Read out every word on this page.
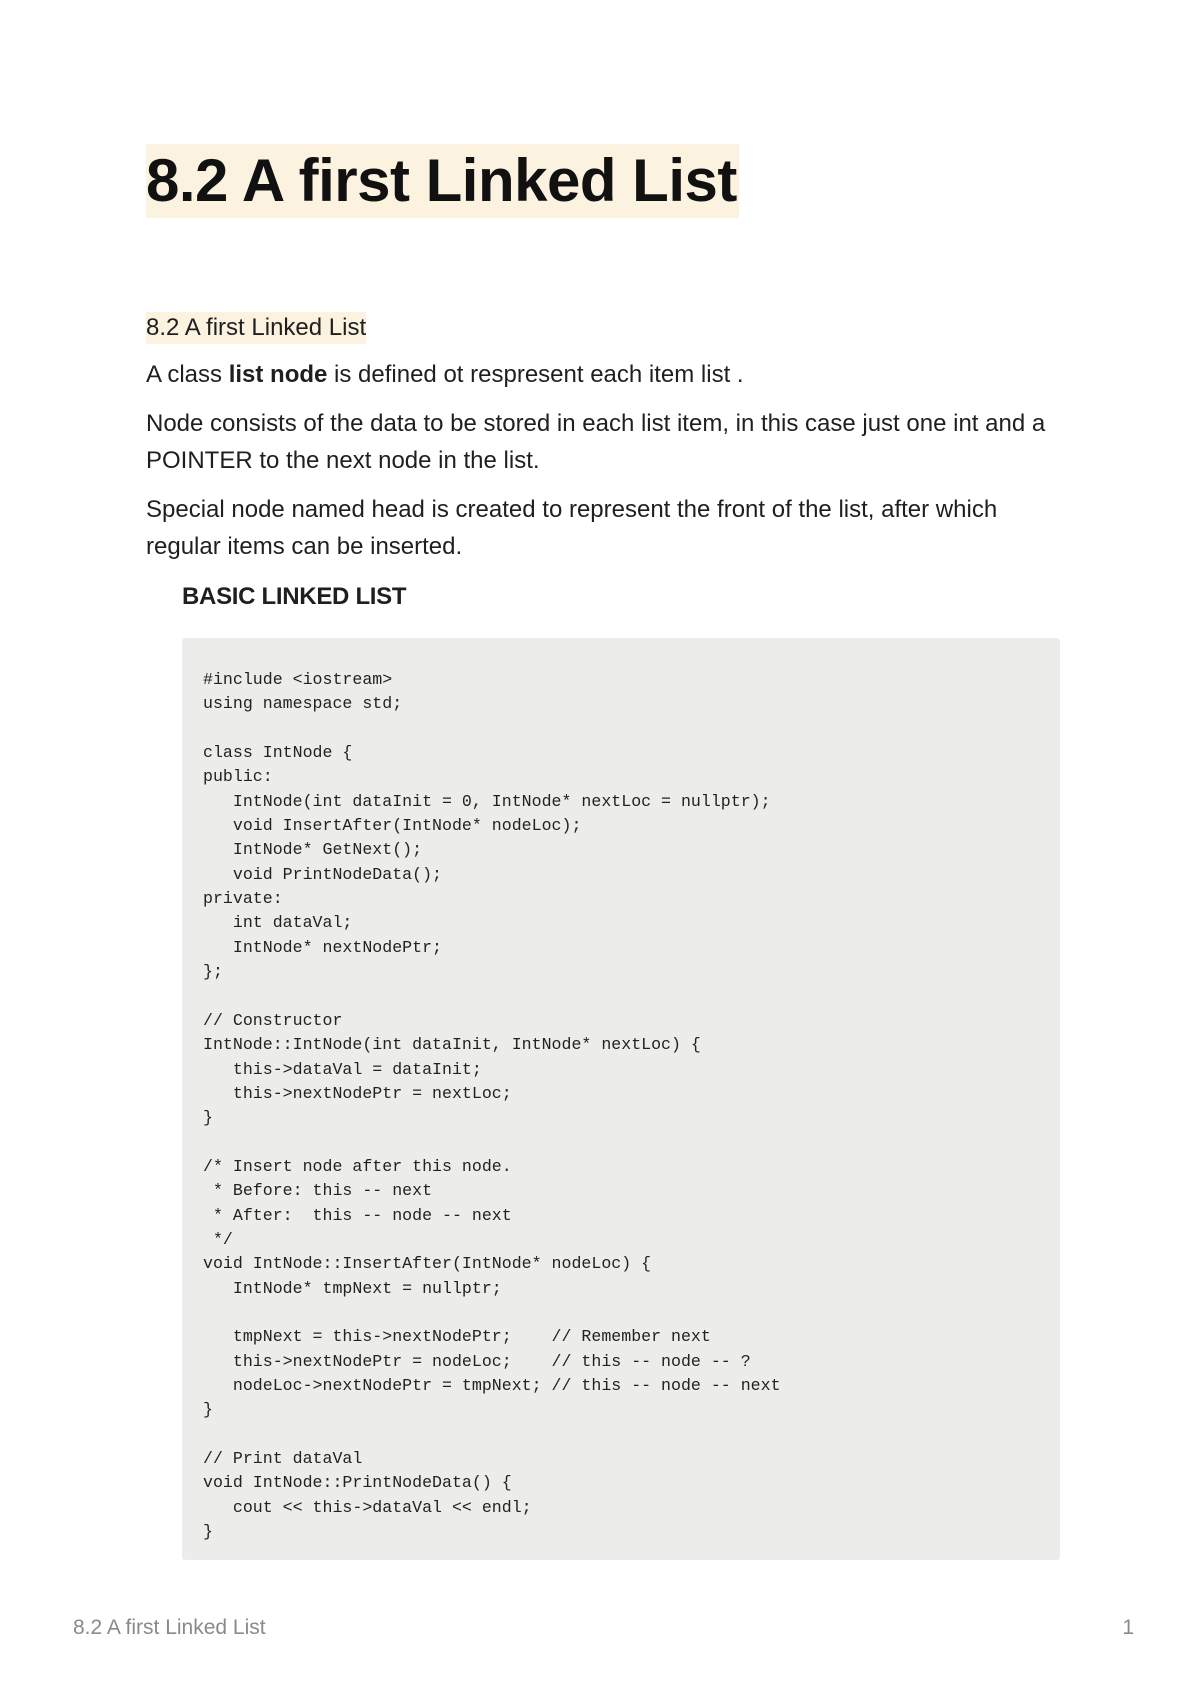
8.2 A first Linked List
8.2 A first Linked List

A class list node is defined ot respresent each item list .

Node consists of the data to be stored in each list item, in this case just one int and a POINTER to the next node in the list.

Special node named head is created to represent the front of the list, after which regular items can be inserted.

BASIC LINKED LIST
#include <iostream>
using namespace std;

class IntNode {
public:
IntNode(int dataInit = 0, IntNode* nextLoc = nullptr);
void InsertAfter(IntNode* nodeLoc);
IntNode* GetNext();
void PrintNodeData();
private:
int dataVal;
IntNode* nextNodePtr;
};

// Constructor
IntNode::IntNode(int dataInit, IntNode* nextLoc) {
this->dataVal = dataInit;
this->nextNodePtr = nextLoc;
}

/* Insert node after this node.
* Before: this -- next
* After:  this -- node -- next
*/
void IntNode::InsertAfter(IntNode* nodeLoc) {
IntNode* tmpNext = nullptr;

tmpNext = this->nextNodePtr;    // Remember next
this->nextNodePtr = nodeLoc;    // this -- node -- ?
nodeLoc->nextNodePtr = tmpNext; // this -- node -- next
}

// Print dataVal
void IntNode::PrintNodeData() {
cout << this->dataVal << endl;
}
8.2 A first Linked List	1
